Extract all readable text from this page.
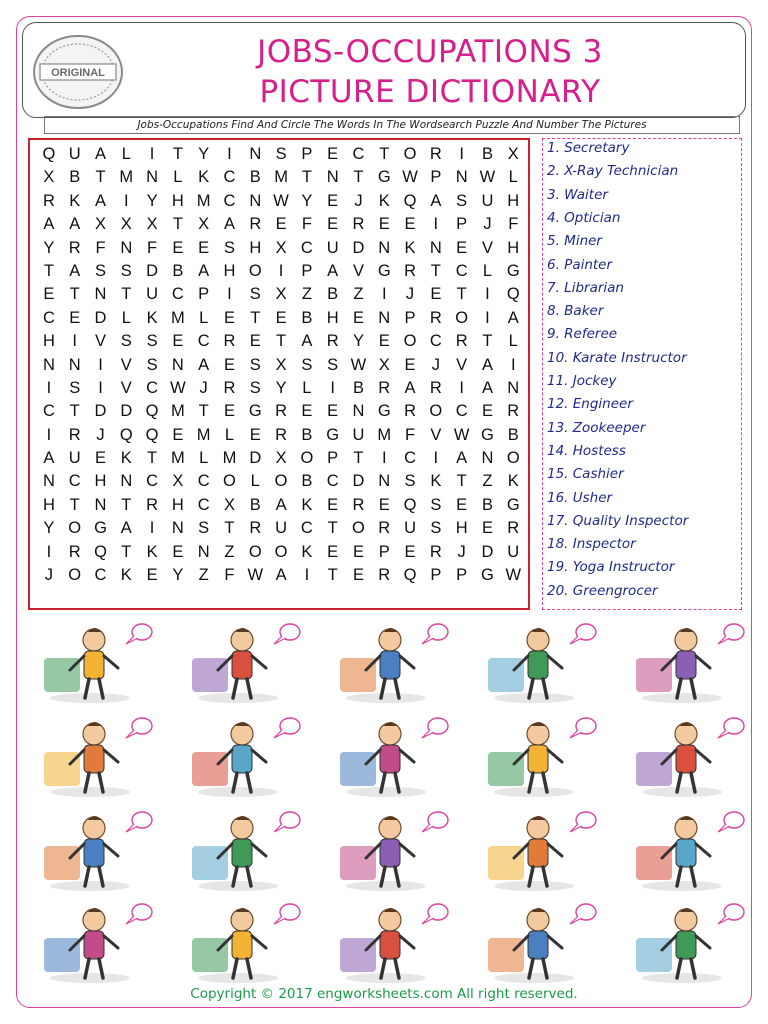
ORIGINAL
JOBS-OCCUPATIONS 3
PICTURE DICTIONARY
Jobs-Occupations Find And Circle The Words In The Wordsearch Puzzle And Number The Pictures
Q U A L	I	T Y	I	N S P E C T O R	I	B X
X B T M N L K C B M T N T G W P N W L
R K A	I	Y H M C N W Y E J K Q A S U H
A A X X X T X A R E F E R E E	I	P J	F
Y R F N F E E S H X C U D N K N E V H
T A S S D B A H O	I	P A V G R T C L G
E T N T U C P	I	S X Z B Z	I	J E T	I	Q
C E D L K M L E T E B H E N P R O	I	A
H	I	V S S E C R E T A R Y E O C R T L
N N	I	V S N A E S X S S W X E J V A	I
I	S	I	V C W J R S Y L	I	B R A R	I	A N
C T D D Q M T E G R E E N G R O C E R
I	R J Q Q E M L E R B G U M F V W G B
A U E K T M L M D X O P T	I	C	I	A N O
N C H N C X C O L O B C D N S K T Z K
H T N T R H C X B A K E R E Q S E B G
Y O G A	I	N S T R U C T O R U S H E R
I	R Q T K E N Z O O K E E P E R J D U
J O C K E Y Z F W A	I	T E R Q P P G W
1. Secretary
2. X-Ray Technician
3. Waiter
4. Optician
5. Miner
6. Painter
7. Librarian
8. Baker
9. Referee
10. Karate Instructor
11. Jockey
12. Engineer
13. Zookeeper
14. Hostess
15. Cashier
16. Usher
17. Quality Inspector
18. Inspector
19. Yoga Instructor
20. Greengrocer
Copyright © 2017 engworksheets.com All right reserved.
